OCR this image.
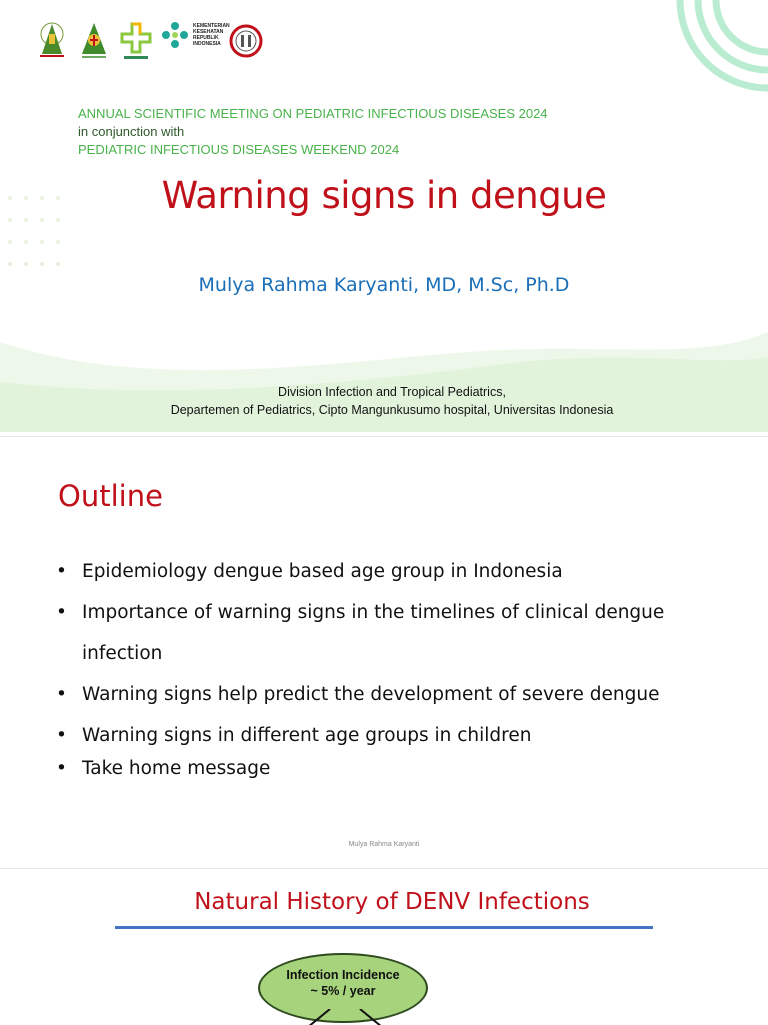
KEMENTERIAN KESEHATAN REPUBLIK INDONESIA
ANNUAL SCIENTIFIC MEETING ON PEDIATRIC INFECTIOUS DISEASES 2024
in conjunction with
PEDIATRIC INFECTIOUS DISEASES WEEKEND 2024
Warning signs in dengue
Mulya Rahma Karyanti, MD, M.Sc, Ph.D
Division Infection and Tropical Pediatrics,
Departemen of Pediatrics, Cipto Mangunkusumo hospital, Universitas Indonesia
Outline
• Epidemiology dengue based age group in Indonesia
• Importance of warning signs in the timelines of clinical dengue
infection
• Warning signs help predict the development of severe dengue
• Warning signs in different age groups in children
• Take home message
Mulya Rahma Karyanti
Natural History of DENV Infections
Infection Incidence
~ 5% / year
